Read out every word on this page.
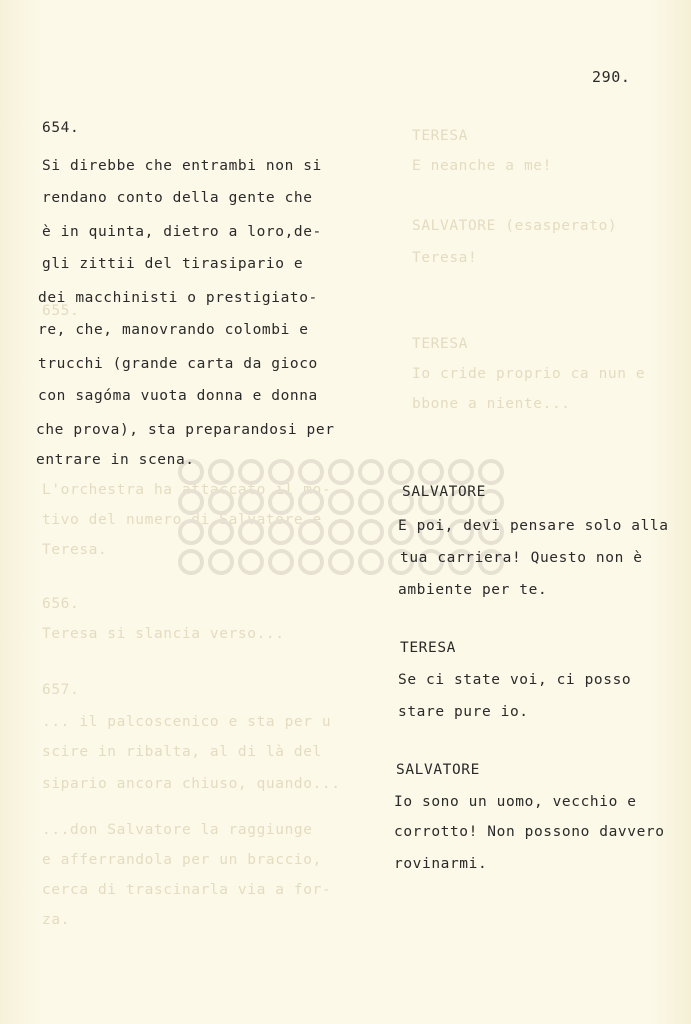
290.
TERESA
E neanche a me!
SALVATORE (esasperato)
Teresa!
TERESA
Io cride proprio ca nun e
bbone a niente...
655.
L'orchestra ha attaccato il mo-
tivo del numero di Salvatore e
Teresa.
656.
Teresa si slancia verso...
657.
... il palcoscenico e sta per u
scire in ribalta, al di là del
sipario ancora chiuso, quando...
...don Salvatore la raggiunge
e afferrandola per un braccio,
cerca di trascinarla via a for-
za.
654.
Si direbbe che entrambi non si
rendano conto della gente che
è in quinta, dietro a loro,de-
gli zittii del tirasipario e
dei macchinisti o prestigiato-
re, che, manovrando colombi e
trucchi (grande carta da gioco
con sagóma vuota donna e donna
che prova), sta preparandosi per
entrare in scena.
SALVATORE
E poi, devi pensare solo alla
tua carriera! Questo non è
ambiente per te.
TERESA
Se ci state voi, ci posso
stare pure io.
SALVATORE
Io sono un uomo, vecchio e
corrotto! Non possono davvero
rovinarmi.
